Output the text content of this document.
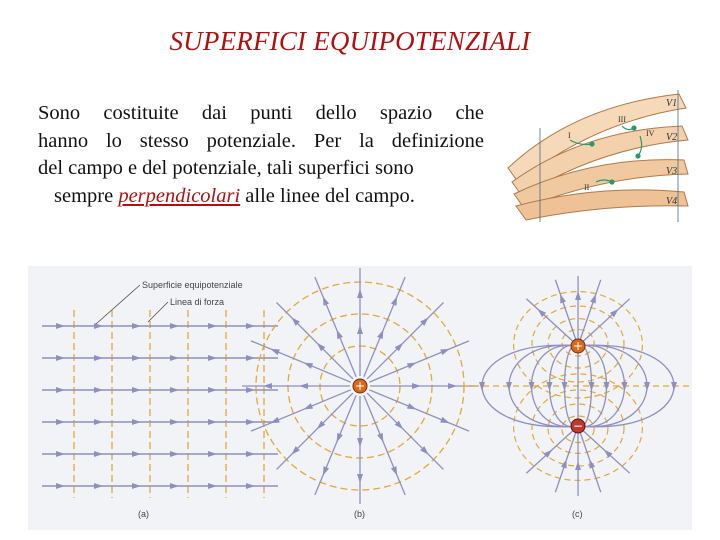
SUPERFICI EQUIPOTENZIALI
Sono costituite dai punti dello spazio che
hanno lo stesso potenziale. Per la definizione
del campo e del potenziale, tali superfici sono
sempre perpendicolari alle linee del campo.
V1
V2
V3
V4
I
II
III
IV
+
+
−
Superficie equipotenziale
Linea di forza
(a)	(b)	(c)
